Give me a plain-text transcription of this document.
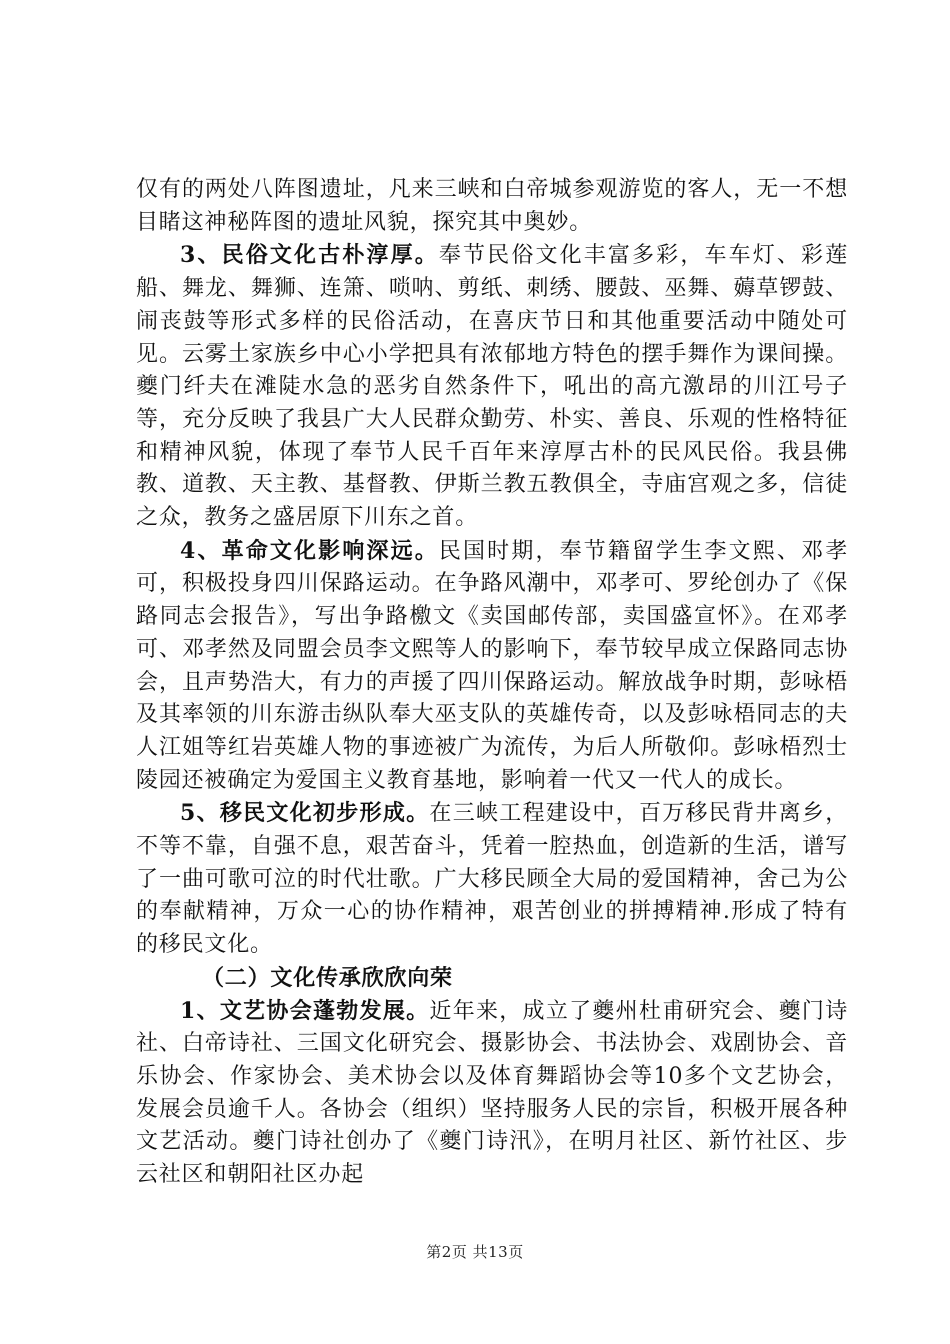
仅有的两处八阵图遗址，凡来三峡和白帝城参观游览的客人，无一不想目睹这神秘阵图的遗址风貌，探究其中奥妙。

3、民俗文化古朴淳厚。奉节民俗文化丰富多彩，车车灯、彩莲船、舞龙、舞狮、连箫、唢呐、剪纸、刺绣、腰鼓、巫舞、薅草锣鼓、闹丧鼓等形式多样的民俗活动，在喜庆节日和其他重要活动中随处可见。云雾土家族乡中心小学把具有浓郁地方特色的摆手舞作为课间操。夔门纤夫在滩陡水急的恶劣自然条件下，吼出的高亢激昂的川江号子等，充分反映了我县广大人民群众勤劳、朴实、善良、乐观的性格特征和精神风貌，体现了奉节人民千百年来淳厚古朴的民风民俗。我县佛教、道教、天主教、基督教、伊斯兰教五教俱全，寺庙宫观之多，信徒之众，教务之盛居原下川东之首。

4、革命文化影响深远。民国时期，奉节籍留学生李文熙、邓孝可，积极投身四川保路运动。在争路风潮中，邓孝可、罗纶创办了《保路同志会报告》，写出争路檄文《卖国邮传部，卖国盛宣怀》。在邓孝可、邓孝然及同盟会员李文熙等人的影响下，奉节较早成立保路同志协会，且声势浩大，有力的声援了四川保路运动。解放战争时期，彭咏梧及其率领的川东游击纵队奉大巫支队的英雄传奇，以及彭咏梧同志的夫人江姐等红岩英雄人物的事迹被广为流传，为后人所敬仰。彭咏梧烈士陵园还被确定为爱国主义教育基地，影响着一代又一代人的成长。

5、移民文化初步形成。在三峡工程建设中，百万移民背井离乡，不等不靠，自强不息，艰苦奋斗，凭着一腔热血，创造新的生活，谱写了一曲可歌可泣的时代壮歌。广大移民顾全大局的爱国精神，舍己为公的奉献精神，万众一心的协作精神，艰苦创业的拼搏精神.形成了特有的移民文化。

（二）文化传承欣欣向荣

1、文艺协会蓬勃发展。近年来，成立了夔州杜甫研究会、夔门诗社、白帝诗社、三国文化研究会、摄影协会、书法协会、戏剧协会、音乐协会、作家协会、美术协会以及体育舞蹈协会等10多个文艺协会，发展会员逾千人。各协会（组织）坚持服务人民的宗旨，积极开展各种文艺活动。夔门诗社创办了《夔门诗汛》，在明月社区、新竹社区、步云社区和朝阳社区办起

第2页 共13页
